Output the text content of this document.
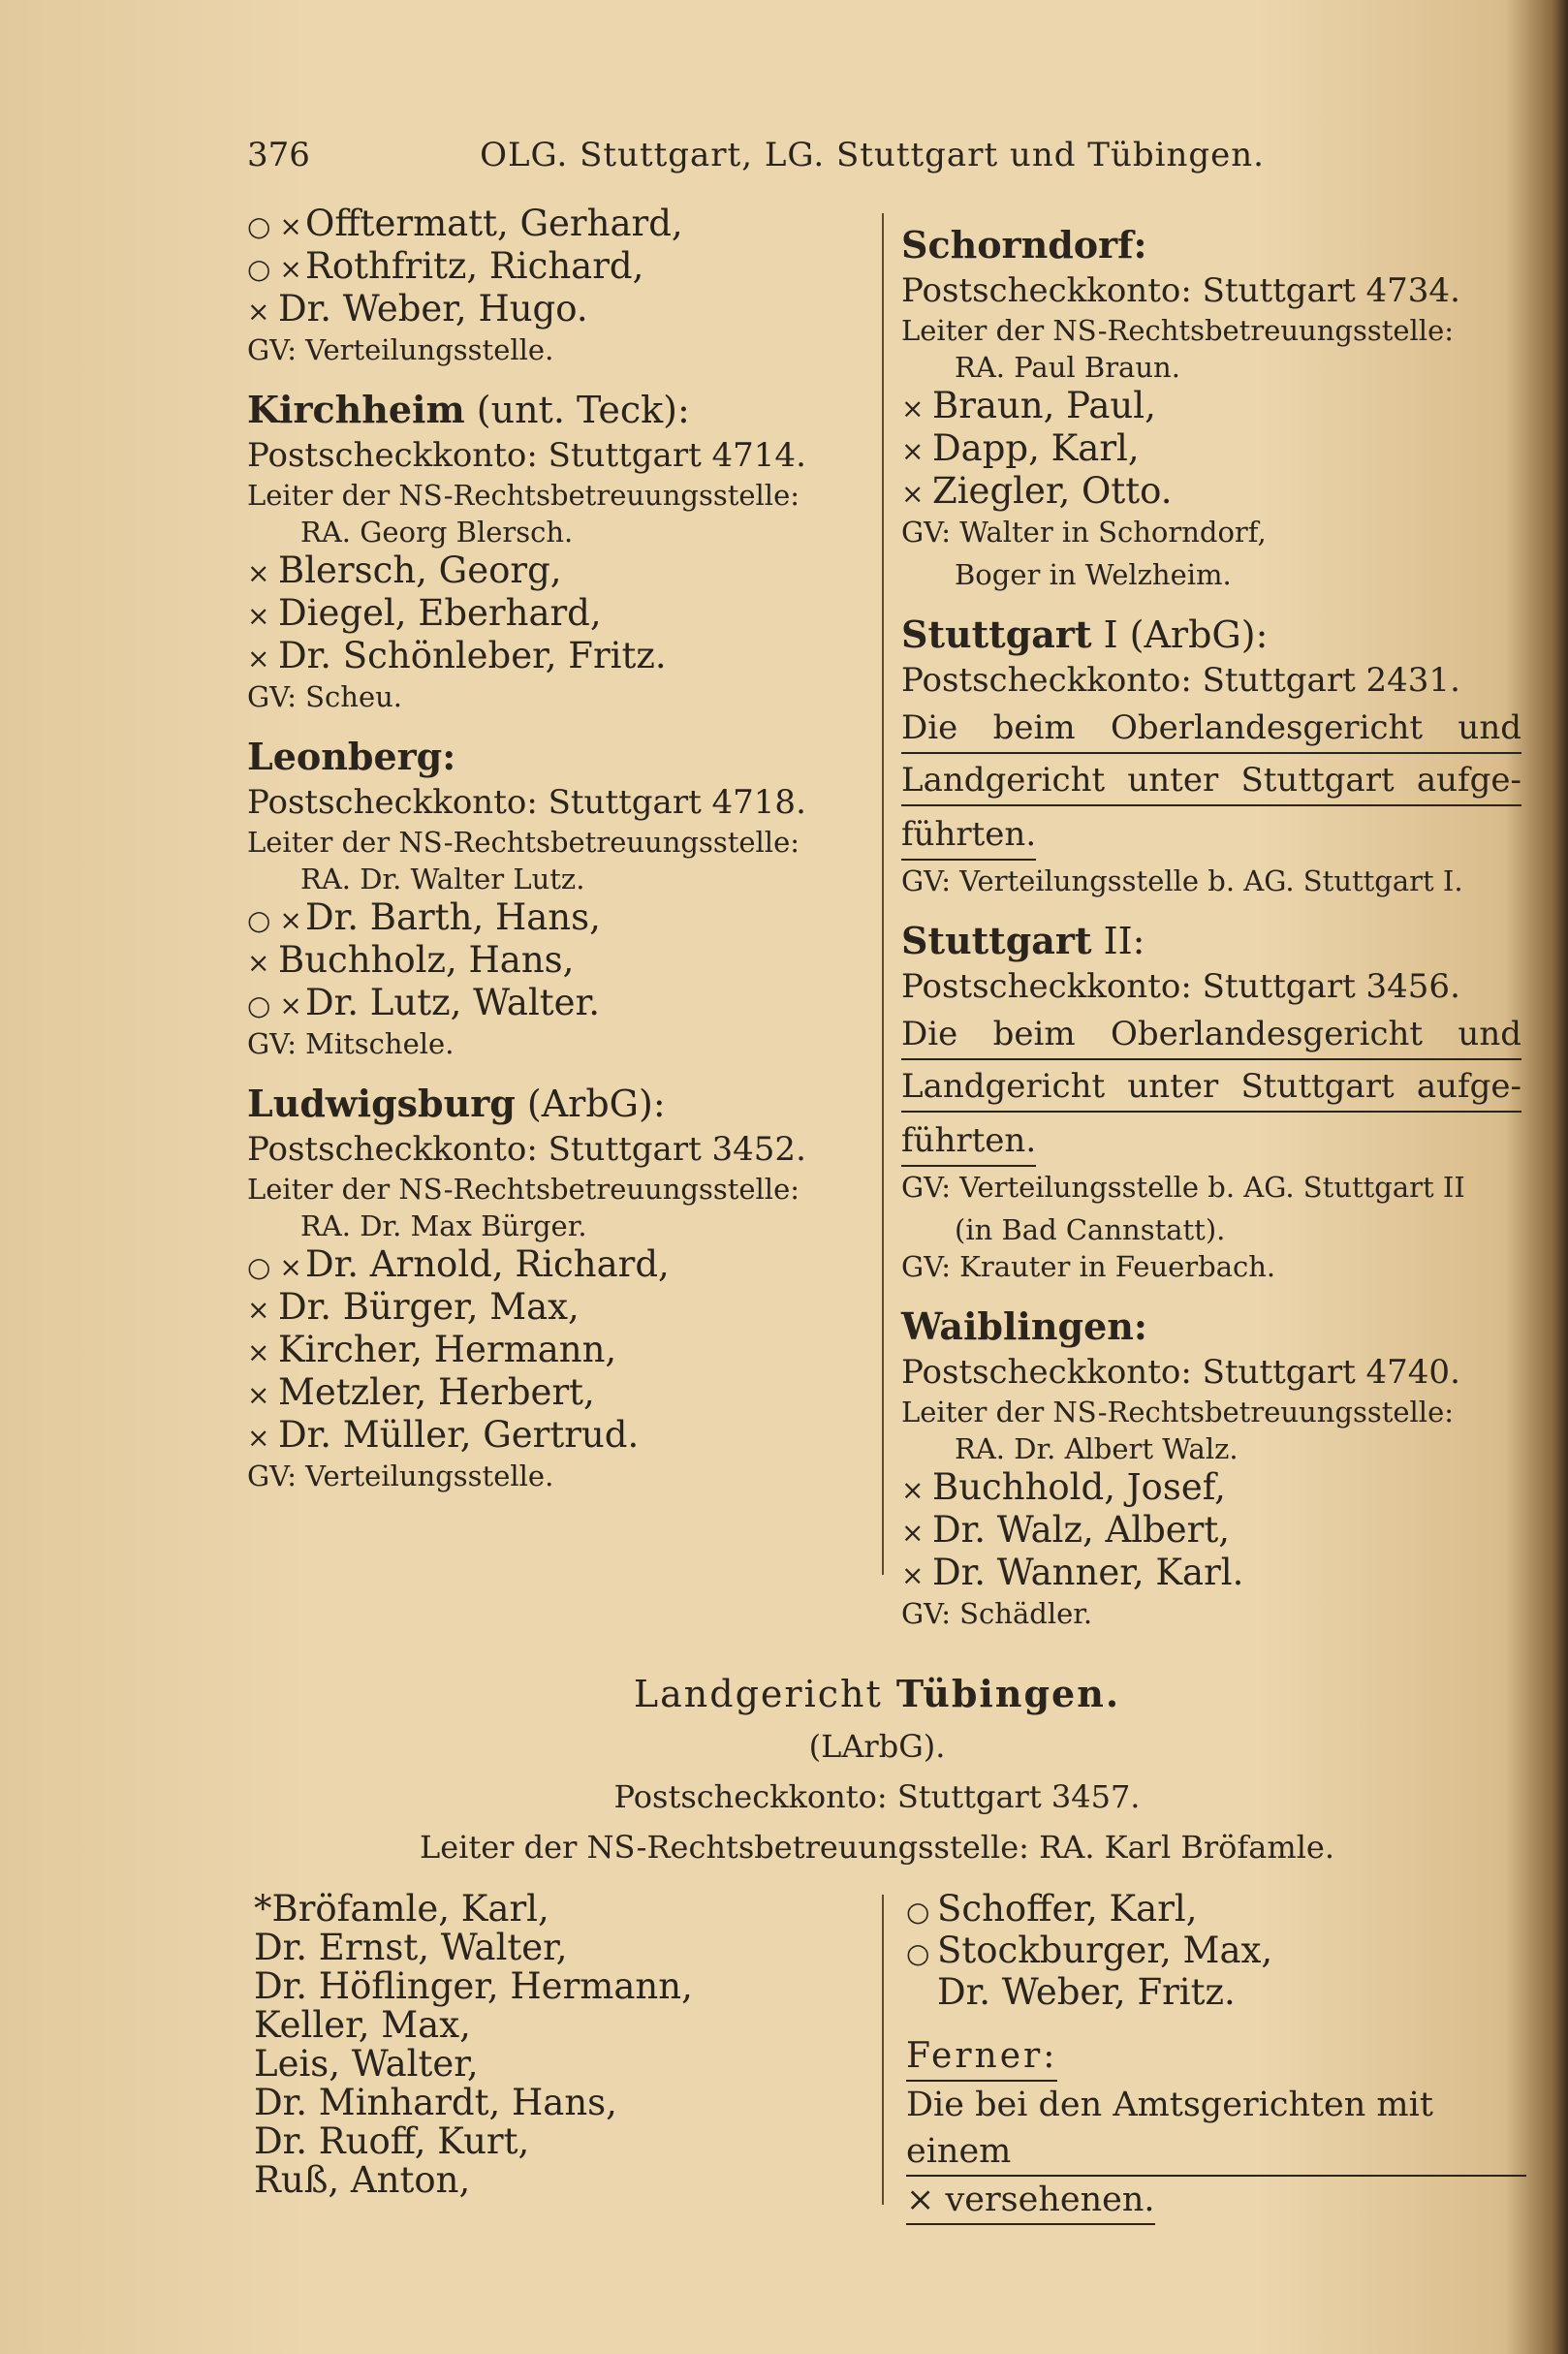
376	OLG. Stuttgart, LG. Stuttgart und Tübingen.
○ ×Offtermatt, Gerhard,
○ ×Rothfritz, Richard,
× Dr. Weber, Hugo.
GV: Verteilungsstelle.
Kirchheim (unt. Teck):
Postscheckkonto: Stuttgart 4714.
Leiter der NS-Rechtsbetreuungsstelle:
RA. Georg Blersch.
× Blersch, Georg,
× Diegel, Eberhard,
× Dr. Schönleber, Fritz.
GV: Scheu.
Leonberg:
Postscheckkonto: Stuttgart 4718.
Leiter der NS-Rechtsbetreuungsstelle:
RA. Dr. Walter Lutz.
○ ×Dr. Barth, Hans,
× Buchholz, Hans,
○ ×Dr. Lutz, Walter.
GV: Mitschele.
Ludwigsburg (ArbG):
Postscheckkonto: Stuttgart 3452.
Leiter der NS-Rechtsbetreuungsstelle:
RA. Dr. Max Bürger.
○ ×Dr. Arnold, Richard,
× Dr. Bürger, Max,
× Kircher, Hermann,
× Metzler, Herbert,
× Dr. Müller, Gertrud.
GV: Verteilungsstelle.
Schorndorf:
Postscheckkonto: Stuttgart 4734.
Leiter der NS-Rechtsbetreuungsstelle:
RA. Paul Braun.
× Braun, Paul,
× Dapp, Karl,
× Ziegler, Otto.
GV: Walter in Schorndorf,
Boger in Welzheim.
Stuttgart I (ArbG):
Postscheckkonto: Stuttgart 2431.
Die beim Oberlandesgericht und
Landgericht unter Stuttgart aufge-
führten.
GV: Verteilungsstelle b. AG. Stuttgart I.
Stuttgart II:
Postscheckkonto: Stuttgart 3456.
Die beim Oberlandesgericht und
Landgericht unter Stuttgart aufge-
führten.
GV: Verteilungsstelle b. AG. Stuttgart II
(in Bad Cannstatt).
GV: Krauter in Feuerbach.
Waiblingen:
Postscheckkonto: Stuttgart 4740.
Leiter der NS-Rechtsbetreuungsstelle:
RA. Dr. Albert Walz.
× Buchhold, Josef,
× Dr. Walz, Albert,
× Dr. Wanner, Karl.
GV: Schädler.
Landgericht Tübingen.
(LArbG).
Postscheckkonto: Stuttgart 3457.
Leiter der NS-Rechtsbetreuungsstelle: RA. Karl Bröfamle.
*Bröfamle, Karl,
Dr. Ernst, Walter,
Dr. Höflinger, Hermann,
Keller, Max,
Leis, Walter,
Dr. Minhardt, Hans,
Dr. Ruoff, Kurt,
Ruß, Anton,
○ Schoffer, Karl,
○ Stockburger, Max,
Dr. Weber, Fritz.
Ferner:
Die bei den Amtsgerichten mit einem
× versehenen.
